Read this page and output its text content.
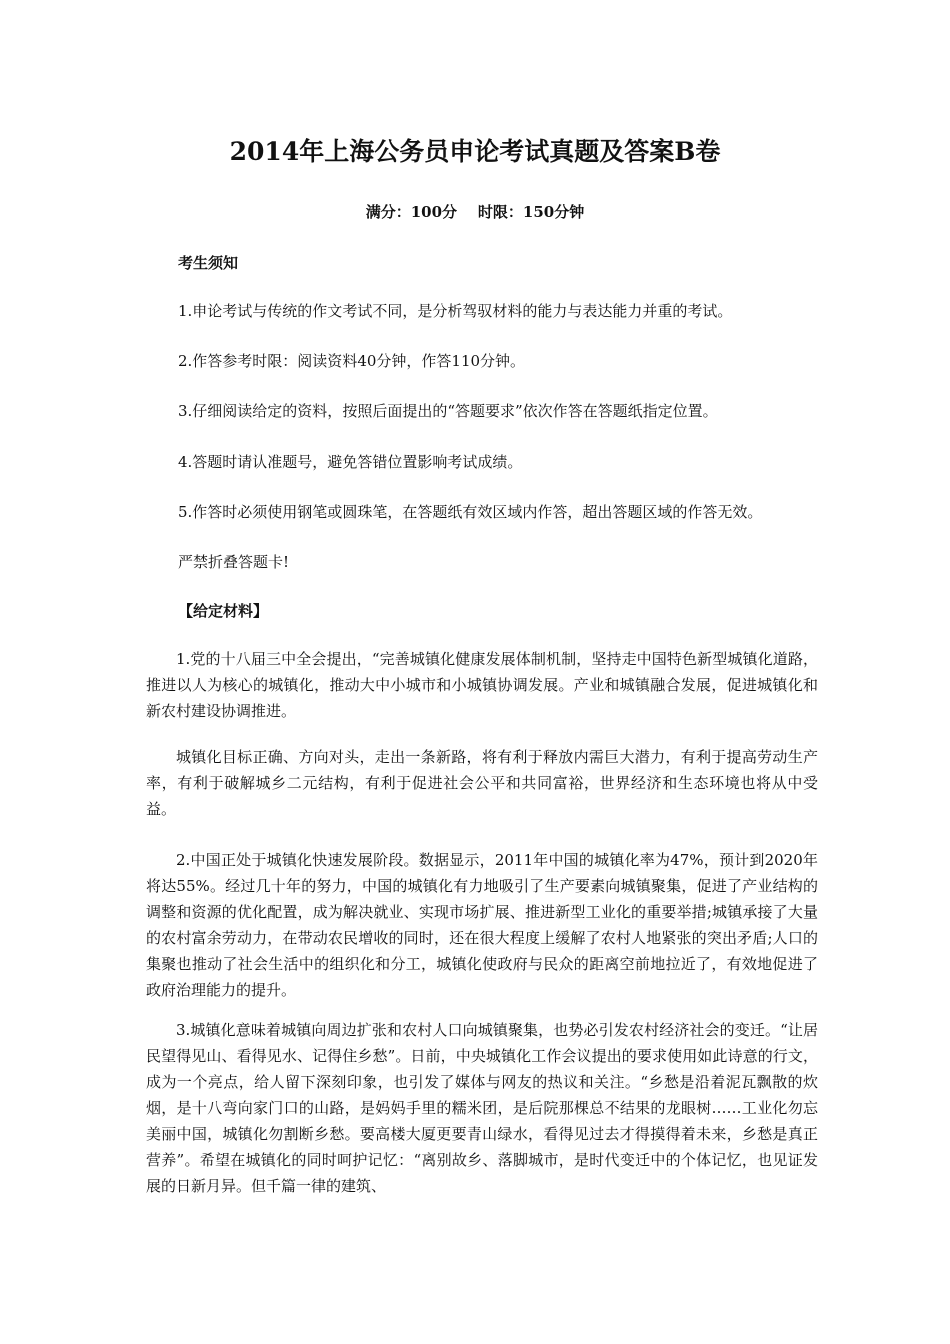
2014年上海公务员申论考试真题及答案B卷
满分：100分    时限：150分钟
考生须知
1.申论考试与传统的作文考试不同，是分析驾驭材料的能力与表达能力并重的考试。
2.作答参考时限：阅读资料40分钟，作答110分钟。
3.仔细阅读给定的资料，按照后面提出的“答题要求”依次作答在答题纸指定位置。
4.答题时请认准题号，避免答错位置影响考试成绩。
5.作答时必须使用钢笔或圆珠笔，在答题纸有效区域内作答，超出答题区域的作答无效。
严禁折叠答题卡!
【给定材料】

1.党的十八届三中全会提出，“完善城镇化健康发展体制机制，坚持走中国特色新型城镇化道路，推进以人为核心的城镇化，推动大中小城市和小城镇协调发展。产业和城镇融合发展，促进城镇化和新农村建设协调推进。

城镇化目标正确、方向对头，走出一条新路，将有利于释放内需巨大潜力，有利于提高劳动生产率，有利于破解城乡二元结构，有利于促进社会公平和共同富裕，世界经济和生态环境也将从中受益。

2.中国正处于城镇化快速发展阶段。数据显示，2011年中国的城镇化率为47%，预计到2020年将达55%。经过几十年的努力，中国的城镇化有力地吸引了生产要素向城镇聚集，促进了产业结构的调整和资源的优化配置，成为解决就业、实现市场扩展、推进新型工业化的重要举措;城镇承接了大量的农村富余劳动力，在带动农民增收的同时，还在很大程度上缓解了农村人地紧张的突出矛盾;人口的集聚也推动了社会生活中的组织化和分工，城镇化使政府与民众的距离空前地拉近了，有效地促进了政府治理能力的提升。

3.城镇化意味着城镇向周边扩张和农村人口向城镇聚集，也势必引发农村经济社会的变迁。“让居民望得见山、看得见水、记得住乡愁”。日前，中央城镇化工作会议提出的要求使用如此诗意的行文，成为一个亮点，给人留下深刻印象，也引发了媒体与网友的热议和关注。“乡愁是沿着泥瓦飘散的炊烟，是十八弯向家门口的山路，是妈妈手里的糯米团，是后院那棵总不结果的龙眼树……工业化勿忘美丽中国，城镇化勿割断乡愁。要高楼大厦更要青山绿水，看得见过去才得摸得着未来，乡愁是真正营养”。希望在城镇化的同时呵护记忆：“离别故乡、落脚城市，是时代变迁中的个体记忆，也见证发展的日新月异。但千篇一律的建筑、
